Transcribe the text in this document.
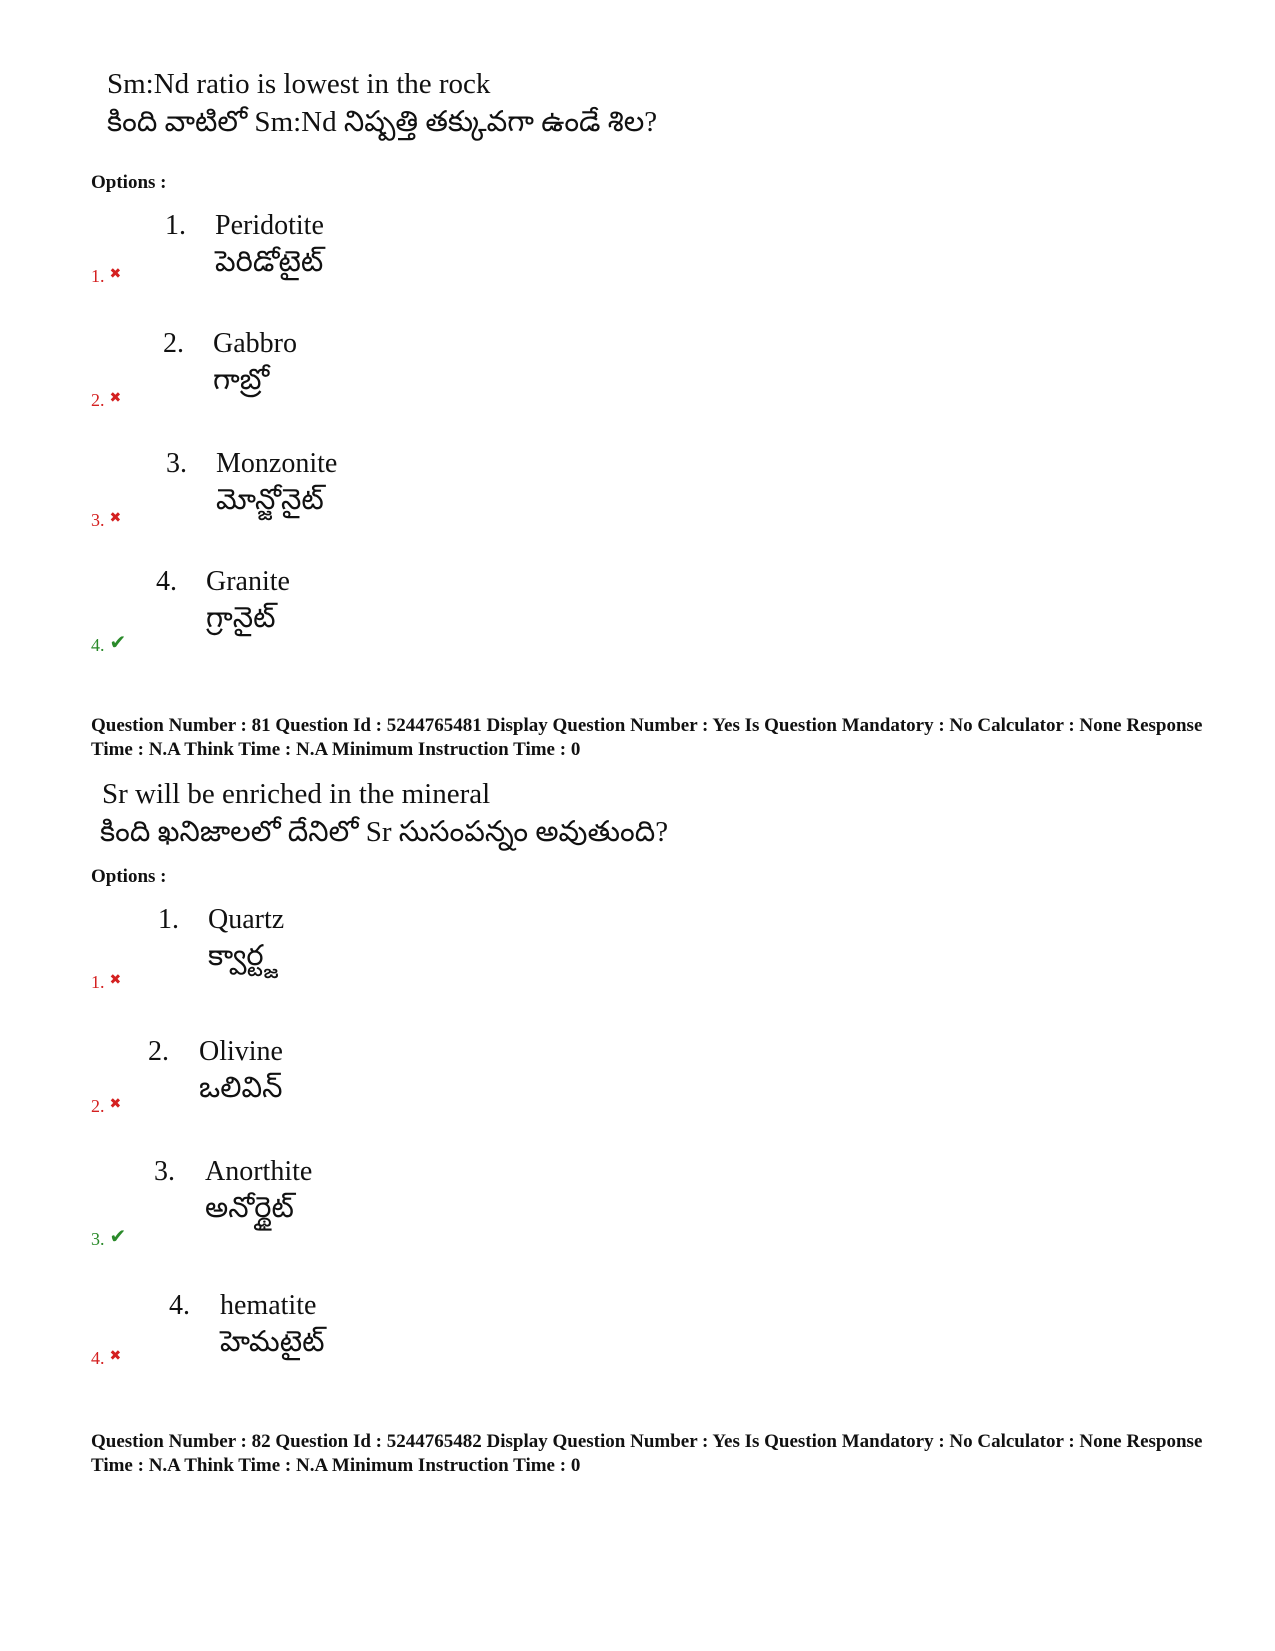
Sm:Nd ratio is lowest in the rock
కింది వాటిలో Sm:Nd నిష్పత్తి తక్కువగా ఉండే శిల?
Options :
1. Peridotite
పెరిడోటైట్
1. ✖
2. Gabbro
గాబ్రో
2. ✖
3. Monzonite
మోన్జోనైట్
3. ✖
4. Granite
గ్రానైట్
4. ✔
Question Number : 81 Question Id : 5244765481 Display Question Number : Yes Is Question Mandatory : No Calculator : None Response Time : N.A Think Time : N.A Minimum Instruction Time : 0
Sr will be enriched in the mineral
కింది ఖనిజాలలో దేనిలో Sr సుసంపన్నం అవుతుంది?
Options :
1. Quartz
క్వార్ట్జ
1. ✖
2. Olivine
ఒలివిన్
2. ✖
3. Anorthite
అనోర్థైట్
3. ✔
4. hematite
హెమటైట్
4. ✖
Question Number : 82 Question Id : 5244765482 Display Question Number : Yes Is Question Mandatory : No Calculator : None Response Time : N.A Think Time : N.A Minimum Instruction Time : 0
